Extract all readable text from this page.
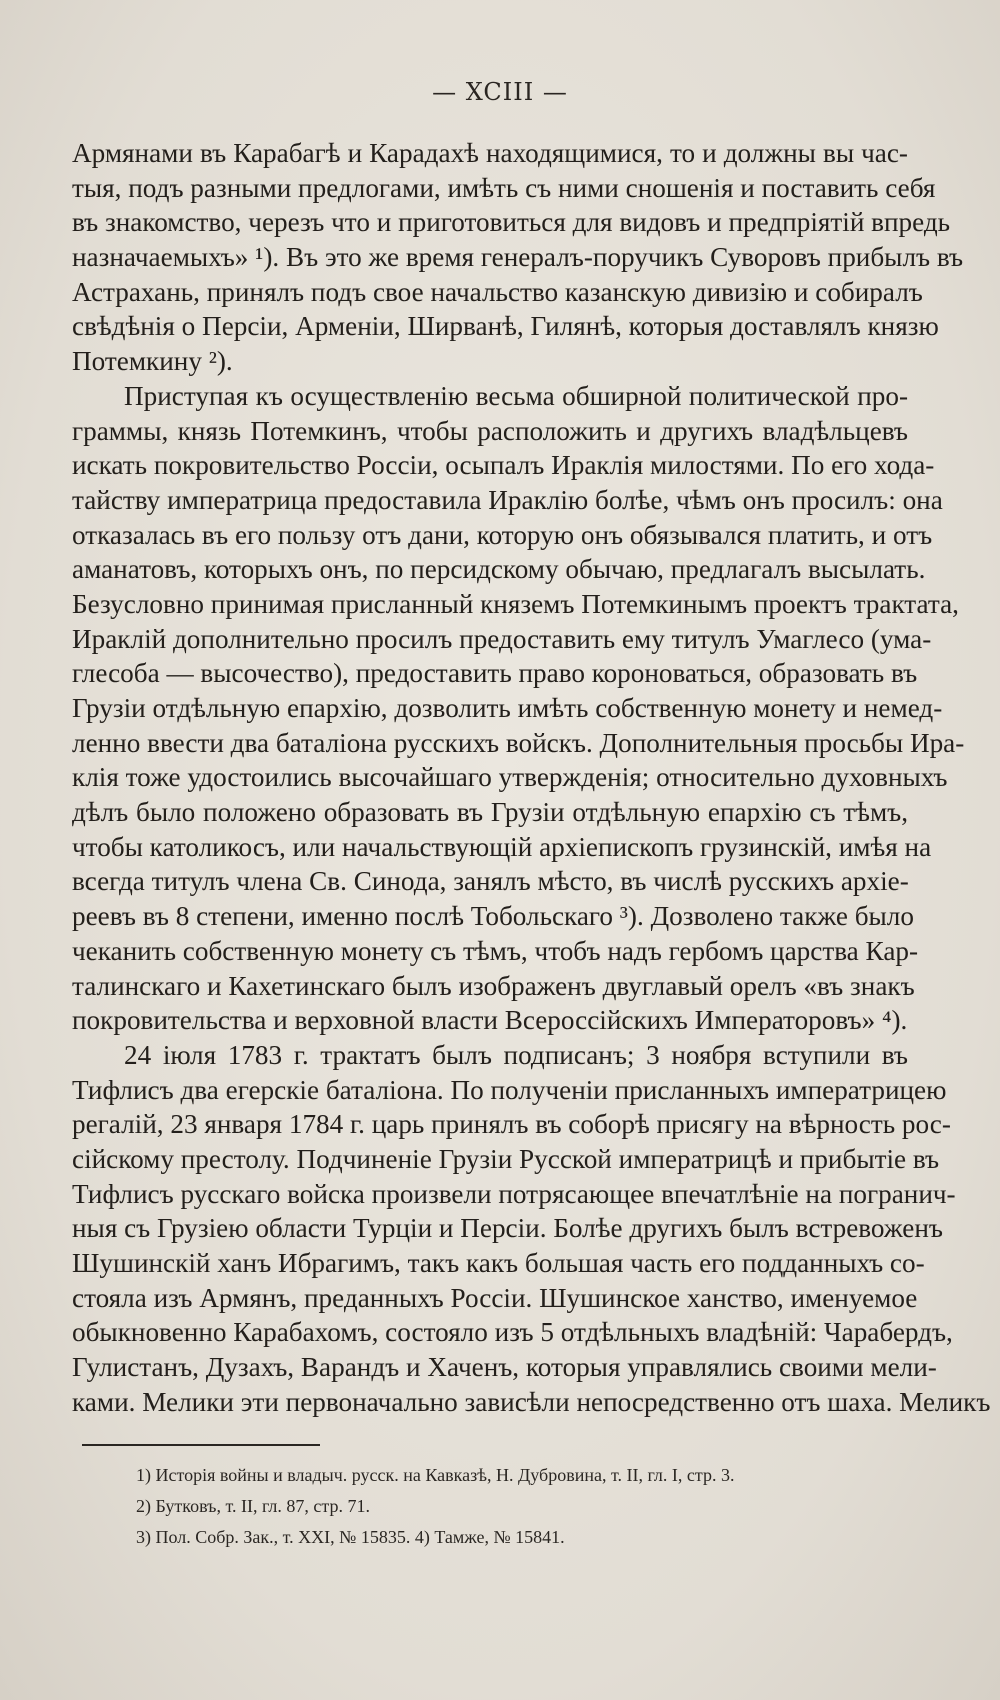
— XCIII —
Армянами въ Карабагѣ и Карадахѣ находящимися, то и должны вы час-
тыя, подъ разными предлогами, имѣть съ ними сношенія и поставить себя
въ знакомство, черезъ что и приготовиться для видовъ и предпріятій впредь
назначаемыхъ» ¹). Въ это же время генералъ-поручикъ Суворовъ прибылъ въ
Астрахань, принялъ подъ свое начальство казанскую дивизію и собиралъ
свѣдѣнія о Персіи, Арменіи, Ширванѣ, Гилянѣ, которыя доставлялъ князю
Потемкину ²).
Приступая къ осуществленію весьма обширной политической про-
граммы, князь Потемкинъ, чтобы расположить и другихъ владѣльцевъ
искать покровительство Россіи, осыпалъ Ираклія милостями. По его хода-
тайству императрица предоставила Ираклію болѣе, чѣмъ онъ просилъ: она
отказалась въ его пользу отъ дани, которую онъ обязывался платить, и отъ
аманатовъ, которыхъ онъ, по персидскому обычаю, предлагалъ высылать.
Безусловно принимая присланный княземъ Потемкинымъ проектъ трактата,
Ираклій дополнительно просилъ предоставить ему титулъ Умаглесо (ума-
глесоба — высочество), предоставить право короноваться, образовать въ
Грузіи отдѣльную епархію, дозволить имѣть собственную монету и немед-
ленно ввести два баталіона русскихъ войскъ. Дополнительныя просьбы Ира-
клія тоже удостоились высочайшаго утвержденія; относительно духовныхъ
дѣлъ было положено образовать въ Грузіи отдѣльную епархію съ тѣмъ,
чтобы католикосъ, или начальствующій архіепископъ грузинскій, имѣя на
всегда титулъ члена Св. Синода, занялъ мѣсто, въ числѣ русскихъ архіе-
реевъ въ 8 степени, именно послѣ Тобольскаго ³). Дозволено также было
чеканить собственную монету съ тѣмъ, чтобъ надъ гербомъ царства Кар-
талинскаго и Кахетинскаго былъ изображенъ двуглавый орелъ «въ знакъ
покровительства и верховной власти Всероссійскихъ Императоровъ» ⁴).
24 іюля 1783 г. трактатъ былъ подписанъ; 3 ноября вступили въ
Тифлисъ два егерскіе баталіона. По полученіи присланныхъ императрицею
регалій, 23 января 1784 г. царь принялъ въ соборѣ присягу на вѣрность рос-
сійскому престолу. Подчиненіе Грузіи Русской императрицѣ и прибытіе въ
Тифлисъ русскаго войска произвели потрясающее впечатлѣніе на погранич-
ныя съ Грузіею области Турціи и Персіи. Болѣе другихъ былъ встревоженъ
Шушинскій ханъ Ибрагимъ, такъ какъ большая часть его подданныхъ со-
стояла изъ Армянъ, преданныхъ Россіи. Шушинское ханство, именуемое
обыкновенно Карабахомъ, состояло изъ 5 отдѣльныхъ владѣній: Чарабердъ,
Гулистанъ, Дузахъ, Варандъ и Хаченъ, которыя управлялись своими мели-
ками. Мелики эти первоначально зависѣли непосредственно отъ шаха. Меликъ
1) Исторія войны и владыч. русск. на Кавказѣ, Н. Дубровина, т. II, гл. I, стр. 3.
2) Бутковъ, т. II, гл. 87, стр. 71.
3) Пол. Собр. Зак., т. XXI, № 15835. 4) Тамже, № 15841.
